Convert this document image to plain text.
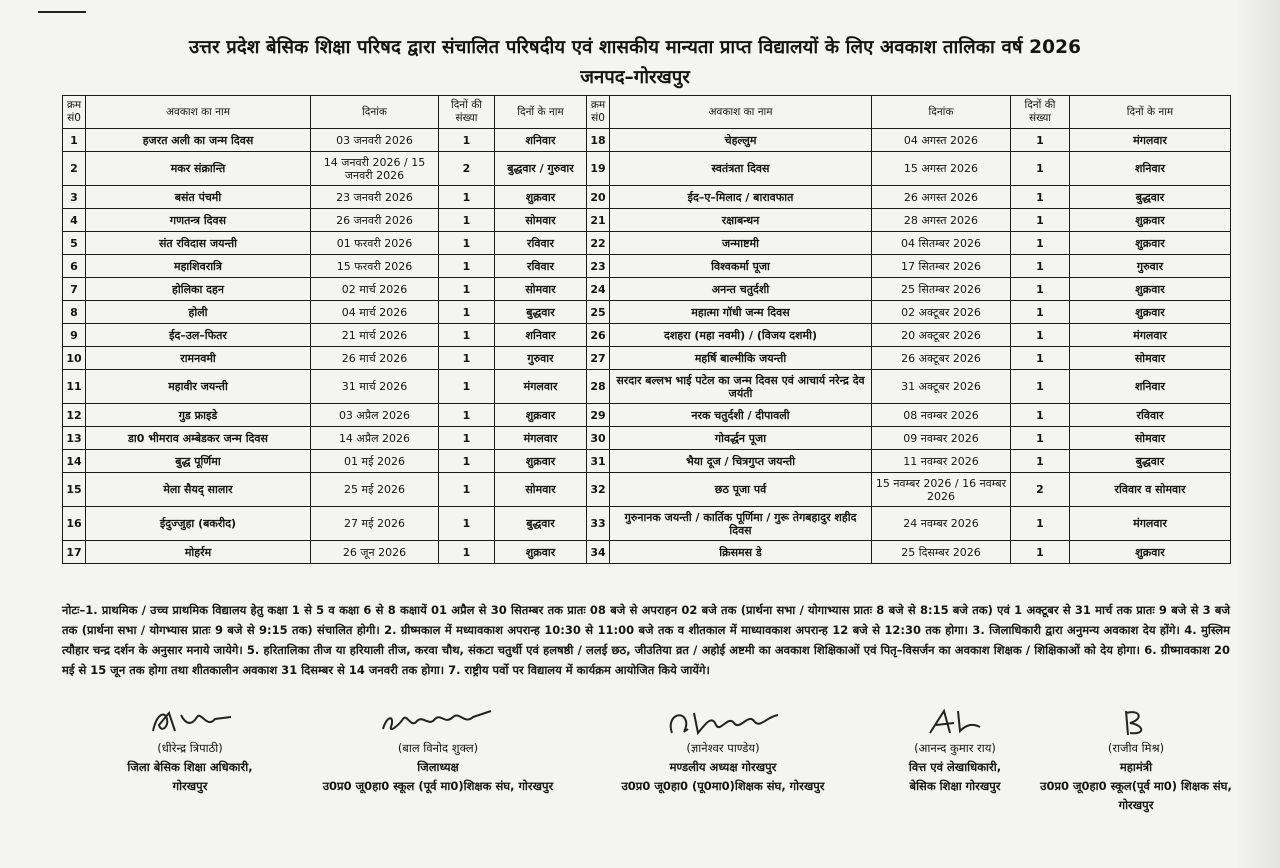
उत्तर प्रदेश बेसिक शिक्षा परिषद द्वारा संचालित परिषदीय एवं शासकीय मान्यता प्राप्त विद्यालयों के लिए अवकाश तालिका वर्ष 2026
जनपद–गोरखपुर
क्रम सं0	अवकाश का नाम	दिनांक	दिनों की संख्या	दिनों के नाम	क्रम सं0	अवकाश का नाम	दिनांक	दिनों की संख्या	दिनों के नाम
1	हजरत अली का जन्म दिवस	03 जनवरी 2026	1	शनिवार	18	चेहल्लुम	04 अगस्त 2026	1	मंगलवार
2	मकर संक्रान्ति	14 जनवरी 2026 / 15 जनवरी 2026	2	बुद्धवार / गुरुवार	19	स्वतंत्रता दिवस	15 अगस्त 2026	1	शनिवार
3	बसंत पंचमी	23 जनवरी 2026	1	शुक्रवार	20	ईद–ए–मिलाद / बारावफात	26 अगस्त 2026	1	बुद्धवार
4	गणतन्त्र दिवस	26 जनवरी 2026	1	सोमवार	21	रक्षाबन्धन	28 अगस्त 2026	1	शुक्रवार
5	संत रविदास जयन्ती	01 फरवरी 2026	1	रविवार	22	जन्माष्टमी	04 सितम्बर 2026	1	शुक्रवार
6	महाशिवरात्रि	15 फरवरी 2026	1	रविवार	23	विश्वकर्मा पूजा	17 सितम्बर 2026	1	गुरुवार
7	होलिका दहन	02 मार्च 2026	1	सोमवार	24	अनन्त चतुर्दशी	25 सितम्बर 2026	1	शुक्रवार
8	होली	04 मार्च 2026	1	बुद्धवार	25	महात्मा गॉधी जन्म दिवस	02 अक्टूबर 2026	1	शुक्रवार
9	ईद–उल–फितर	21 मार्च 2026	1	शनिवार	26	दशहरा (महा नवमी) / (विजय दशमी)	20 अक्टूबर 2026	1	मंगलवार
10	रामनवमी	26 मार्च 2026	1	गुरुवार	27	महर्षि बाल्मीकि जयन्ती	26 अक्टूबर 2026	1	सोमवार
11	महावीर जयन्ती	31 मार्च 2026	1	मंगलवार	28	सरदार बल्लभ भाई पटेल का जन्म दिवस एवं आचार्य नरेन्द्र देव जयंती	31 अक्टूबर 2026	1	शनिवार
12	गुड फ्राइडे	03 अप्रैल 2026	1	शुक्रवार	29	नरक चतुर्दशी / दीपावली	08 नवम्बर 2026	1	रविवार
13	डा0 भीमराव अम्बेडकर जन्म दिवस	14 अप्रैल 2026	1	मंगलवार	30	गोवर्द्धन पूजा	09 नवम्बर 2026	1	सोमवार
14	बुद्ध पूर्णिमा	01 मई 2026	1	शुक्रवार	31	भैया दूज / चित्रगुप्त जयन्ती	11 नवम्बर 2026	1	बुद्धवार
15	मेला सैयद् सालार	25 मई 2026	1	सोमवार	32	छठ पूजा पर्व	15 नवम्बर 2026 / 16 नवम्बर 2026	2	रविवार व सोमवार
16	ईदुज्जुहा (बकरीद)	27 मई 2026	1	बुद्धवार	33	गुरुनानक जयन्ती / कार्तिक पूर्णिमा / गुरू तेगबहादुर शहीद दिवस	24 नवम्बर 2026	1	मंगलवार
17	मोहर्रम	26 जून 2026	1	शुक्रवार	34	क्रिसमस डे	25 दिसम्बर 2026	1	शुक्रवार
नोटः–1. प्राथमिक / उच्च प्राथमिक विद्यालय हेतु कक्षा 1 से 5 व कक्षा 6 से 8 कक्षायें 01 अप्रैल से 30 सितम्बर तक प्रातः 08 बजे से अपराहन 02 बजे तक (प्रार्थना सभा / योगाभ्यास प्रातः 8 बजे से 8:15 बजे तक) एवं 1 अक्टूबर से 31 मार्च तक प्रातः 9 बजे से 3 बजे तक (प्रार्थना सभा / योगभ्यास प्रातः 9 बजे से 9:15 तक) संचालित होगी। 2. ग्रीष्मकाल में मध्यावकाश अपरान्ह 10:30 से 11:00 बजे तक व शीतकाल में माध्यावकाश अपरान्ह 12 बजे से 12:30 तक होगा। 3. जिलाधिकारी द्वारा अनुमन्य अवकाश देय होंगे। 4. मुस्लिम त्यौहार चन्द्र दर्शन के अनुसार मनाये जायेगे। 5. हरितालिका तीज या हरियाली तीज, करवा चौथ, संकटा चतुर्थी एवं हलषष्ठी / ललई छठ, जीउतिया व्रत / अहोई अष्टमी का अवकाश शिक्षिकाओं एवं पितृ–विसर्जन का अवकाश शिक्षक / शिक्षिकाओं को देय होगा। 6. ग्रीष्मावकाश 20 मई से 15 जून तक होगा तथा शीतकालीन अवकाश 31 दिसम्बर से 14 जनवरी तक होगा। 7. राष्ट्रीय पर्वो पर विद्यालय में कार्यक्रम आयोजित किये जायेंगे।
(धीरेन्द्र त्रिपाठी)
जिला बेसिक शिक्षा अधिकारी,
गोरखपुर
(बाल विनोद शुक्ल)
जिलाध्यक्ष
उ0प्र0 जू0हा0 स्कूल (पूर्व मा0)शिक्षक संघ, गोरखपुर
(ज्ञानेश्वर पाण्डेय)
मण्डलीय अध्यक्ष गोरखपुर
उ0प्र0 जू0हा0 (पू0मा0)शिक्षक संघ, गोरखपुर
(आनन्द कुमार राय)
वित्त एवं लेखाधिकारी,
बेसिक शिक्षा गोरखपुर
(राजीव मिश्र)
महामंत्री
उ0प्र0 जू0हा0 स्कूल(पूर्व मा0) शिक्षक संघ, गोरखपुर
